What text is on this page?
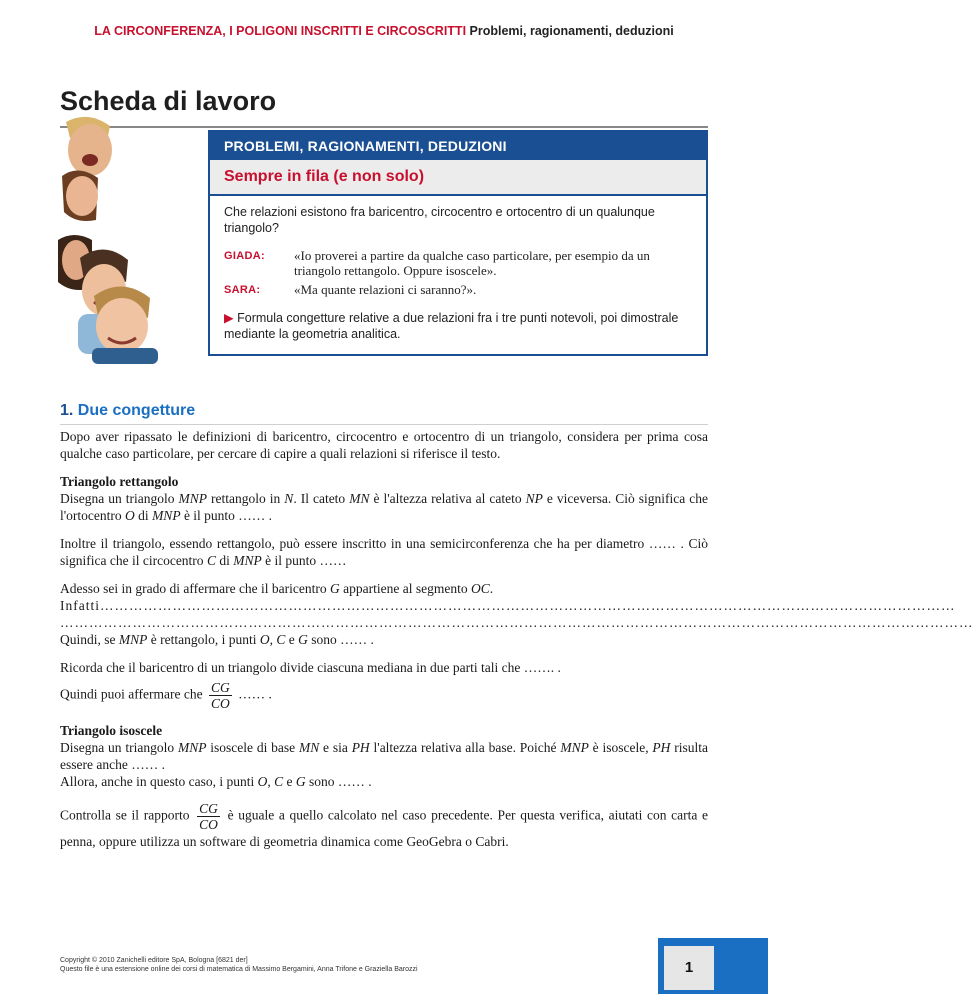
LA CIRCONFERENZA, I POLIGONI INSCRITTI E CIRCOSCRITTI Problemi, ragionamenti, deduzioni
Scheda di lavoro
PROBLEMI, RAGIONAMENTI, DEDUZIONI
Sempre in fila (e non solo)

Che relazioni esistono fra baricentro, circocentro e ortocentro di un qualunque triangolo?

GIADA:	«Io proverei a partire da qualche caso particolare, per esempio da un triangolo rettangolo. Oppure isoscele».
SARA:	«Ma quante relazioni ci saranno?».

▶ Formula congetture relative a due relazioni fra i tre punti notevoli, poi dimostrale mediante la geometria analitica.

1. Due congetture

Dopo aver ripassato le definizioni di baricentro, circocentro e ortocentro di un triangolo, considera per prima cosa qualche caso particolare, per cercare di capire a quali relazioni si riferisce il testo.

Triangolo rettangolo
Disegna un triangolo MNP rettangolo in N. Il cateto MN è l'altezza relativa al cateto NP e viceversa. Ciò significa che l'ortocentro O di MNP è il punto …… .

Inoltre il triangolo, essendo rettangolo, può essere inscritto in una semicirconferenza che ha per diametro …… . Ciò significa che il circocentro C di MNP è il punto ……

Adesso sei in grado di affermare che il baricentro G appartiene al segmento OC.
Infatti……………………………………………………………………………………………………………………………………………………………
………………………………………………………………………………………………………………………………………………………………………
Quindi, se MNP è rettangolo, i punti O, C e G sono …… .

Ricorda che il baricentro di un triangolo divide ciascuna mediana in due parti tali che ……. .

Quindi puoi affermare che $\frac{CG}{CO}$ …… .

Triangolo isoscele
Disegna un triangolo MNP isoscele di base MN e sia PH l'altezza relativa alla base. Poiché MNP è isoscele, PH risulta essere anche …… .
Allora, anche in questo caso, i punti O, C e G sono …… .

Controlla se il rapporto $\frac{CG}{CO}$ è uguale a quello calcolato nel caso precedente. Per questa verifica, aiutati con carta e penna, oppure utilizza un software di geometria dinamica come GeoGebra o Cabri.

Copyright © 2010 Zanichelli editore SpA, Bologna [6821 der]
Questo file è una estensione online dei corsi di matematica di Massimo Bergamini, Anna Trifone e Graziella Barozzi	1
